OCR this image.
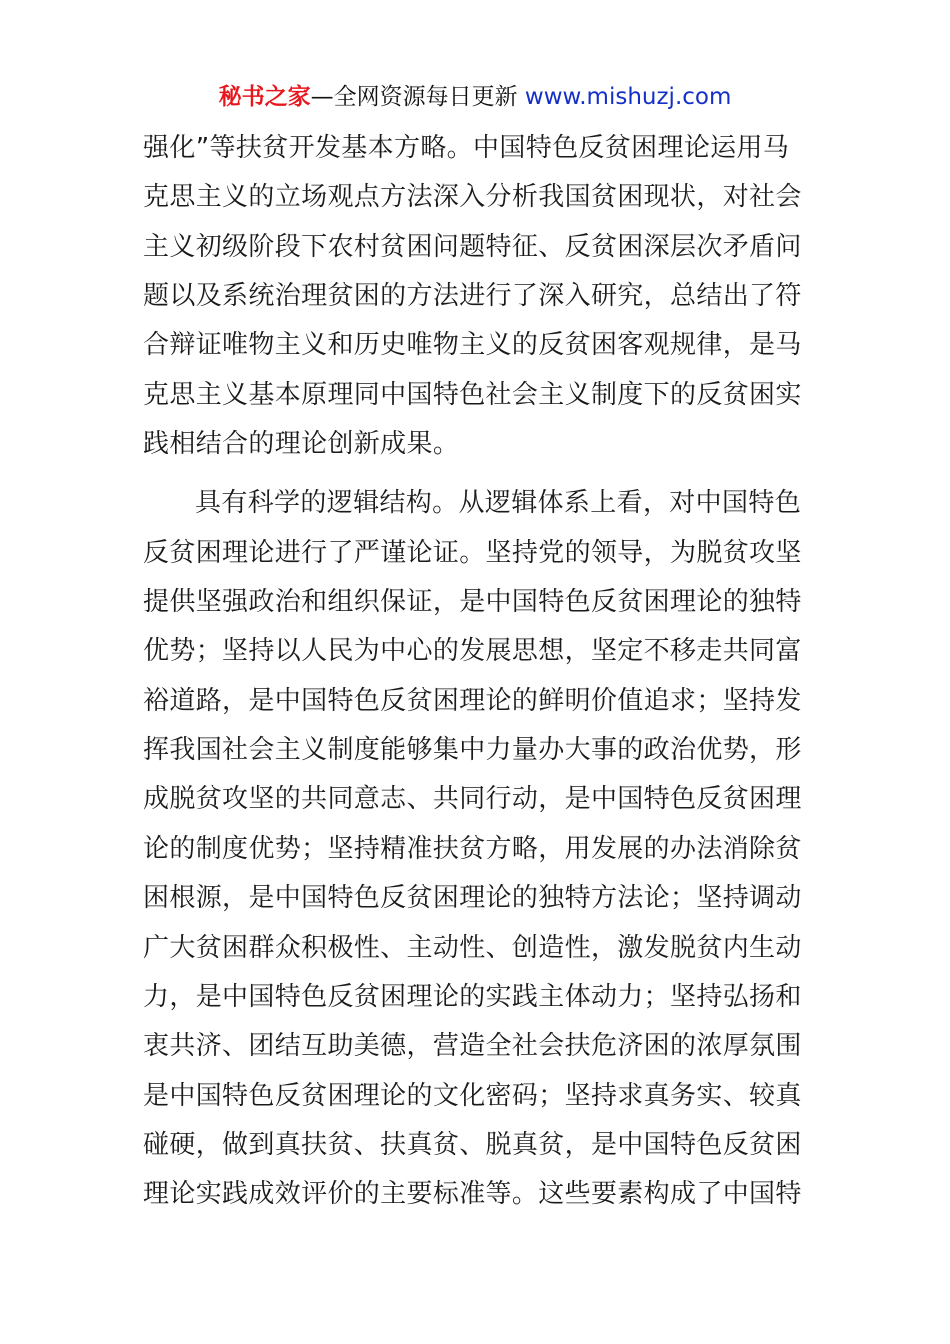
秘书之家—全网资源每日更新 www.mishuzj.com
强化”等扶贫开发基本方略。中国特色反贫困理论运用马
克思主义的立场观点方法深入分析我国贫困现状，对社会
主义初级阶段下农村贫困问题特征、反贫困深层次矛盾问
题以及系统治理贫困的方法进行了深入研究，总结出了符
合辩证唯物主义和历史唯物主义的反贫困客观规律，是马
克思主义基本原理同中国特色社会主义制度下的反贫困实
践相结合的理论创新成果。
具有科学的逻辑结构。从逻辑体系上看，对中国特色
反贫困理论进行了严谨论证。坚持党的领导，为脱贫攻坚
提供坚强政治和组织保证，是中国特色反贫困理论的独特
优势；坚持以人民为中心的发展思想，坚定不移走共同富
裕道路，是中国特色反贫困理论的鲜明价值追求；坚持发
挥我国社会主义制度能够集中力量办大事的政治优势，形
成脱贫攻坚的共同意志、共同行动，是中国特色反贫困理
论的制度优势；坚持精准扶贫方略，用发展的办法消除贫
困根源，是中国特色反贫困理论的独特方法论；坚持调动
广大贫困群众积极性、主动性、创造性，激发脱贫内生动
力，是中国特色反贫困理论的实践主体动力；坚持弘扬和
衷共济、团结互助美德，营造全社会扶危济困的浓厚氛围
是中国特色反贫困理论的文化密码；坚持求真务实、较真
碰硬，做到真扶贫、扶真贫、脱真贫，是中国特色反贫困
理论实践成效评价的主要标准等。这些要素构成了中国特
